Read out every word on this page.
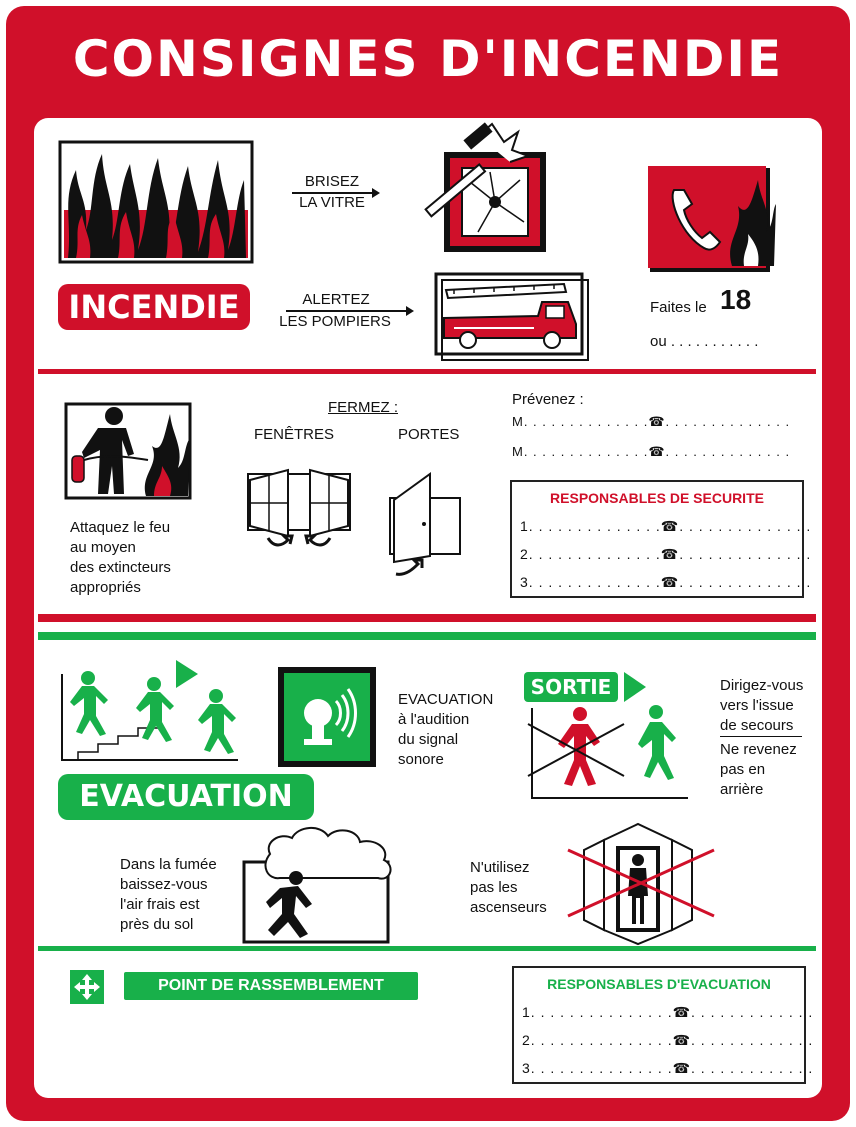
CONSIGNES D'INCENDIE
INCENDIE
BRISEZ
LA VITRE
ALERTEZ
LES POMPIERS
Faites le 18
ou . . . . . . . . . . .
Attaquez le feu
au moyen
des extincteurs
appropriés
FERMEZ :
FENÊTRES	PORTES
Prévenez :
M. . . . . . . . . . . . . .☎. . . . . . . . . . . . . .
M. . . . . . . . . . . . . .☎. . . . . . . . . . . . . .
RESPONSABLES DE SECURITE
1. . . . . . . . . . . . . .☎. . . . . . . . . . . . . .
2. . . . . . . . . . . . . .☎. . . . . . . . . . . . . .
3. . . . . . . . . . . . . .☎. . . . . . . . . . . . . .
EVACUATION
EVACUATION
à l'audition
du signal
sonore
SORTIE	Dirigez-vous
vers l'issue
de secours
Ne revenez
pas en
arrière
Dans la fumée
baissez-vous
l'air frais est
près du sol
N'utilisez
pas les
ascenseurs
POINT DE RASSEMBLEMENT	RESPONSABLES D'EVACUATION
1. . . . . . . . . . . . . . .☎. . . . . . . . . . . . .
2. . . . . . . . . . . . . . .☎. . . . . . . . . . . . .
3. . . . . . . . . . . . . . .☎. . . . . . . . . . . . .
